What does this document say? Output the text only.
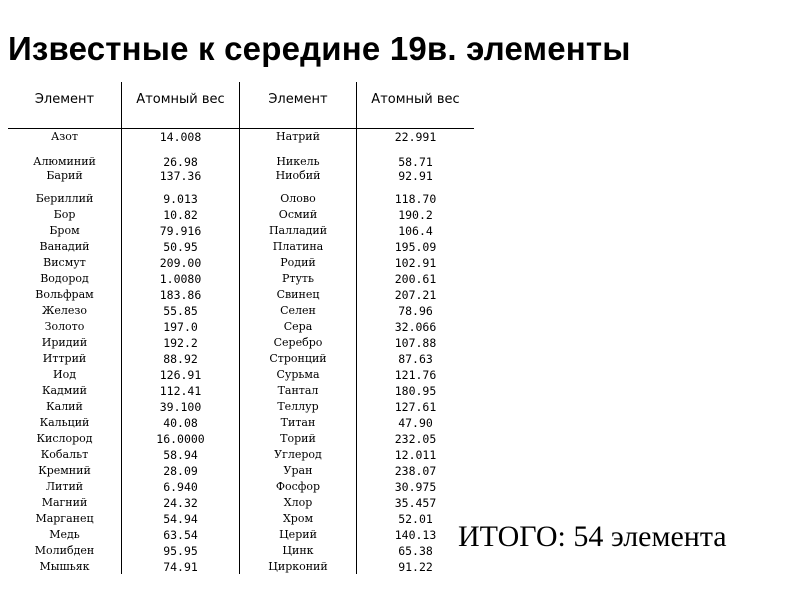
Известные к середине 19в. элементы
Элемент	Атомный вес	Элемент	Атомный вес
Азот	14.008	Натрий	22.991
Алюминий	26.98	Никель	58.71
Барий	137.36	Ниобий	92.91
Бериллий	9.013	Олово	118.70
Бор	10.82	Осмий	190.2
Бром	79.916	Палладий	106.4
Ванадий	50.95	Платина	195.09
Висмут	209.00	Родий	102.91
Водород	1.0080	Ртуть	200.61
Вольфрам	183.86	Свинец	207.21
Железо	55.85	Селен	78.96
Золото	197.0	Сера	32.066
Иридий	192.2	Серебро	107.88
Иттрий	88.92	Стронций	87.63
Иод	126.91	Сурьма	121.76
Кадмий	112.41	Тантал	180.95
Калий	39.100	Теллур	127.61
Кальций	40.08	Титан	47.90
Кислород	16.0000	Торий	232.05
Кобальт	58.94	Углерод	12.011
Кремний	28.09	Уран	238.07
Литий	6.940	Фосфор	30.975
Магний	24.32	Хлор	35.457
Марганец	54.94	Хром	52.01
Медь	63.54	Церий	140.13
Молибден	95.95	Цинк	65.38
Мышьяк	74.91	Цирконий	91.22
ИТОГО: 54 элемента
